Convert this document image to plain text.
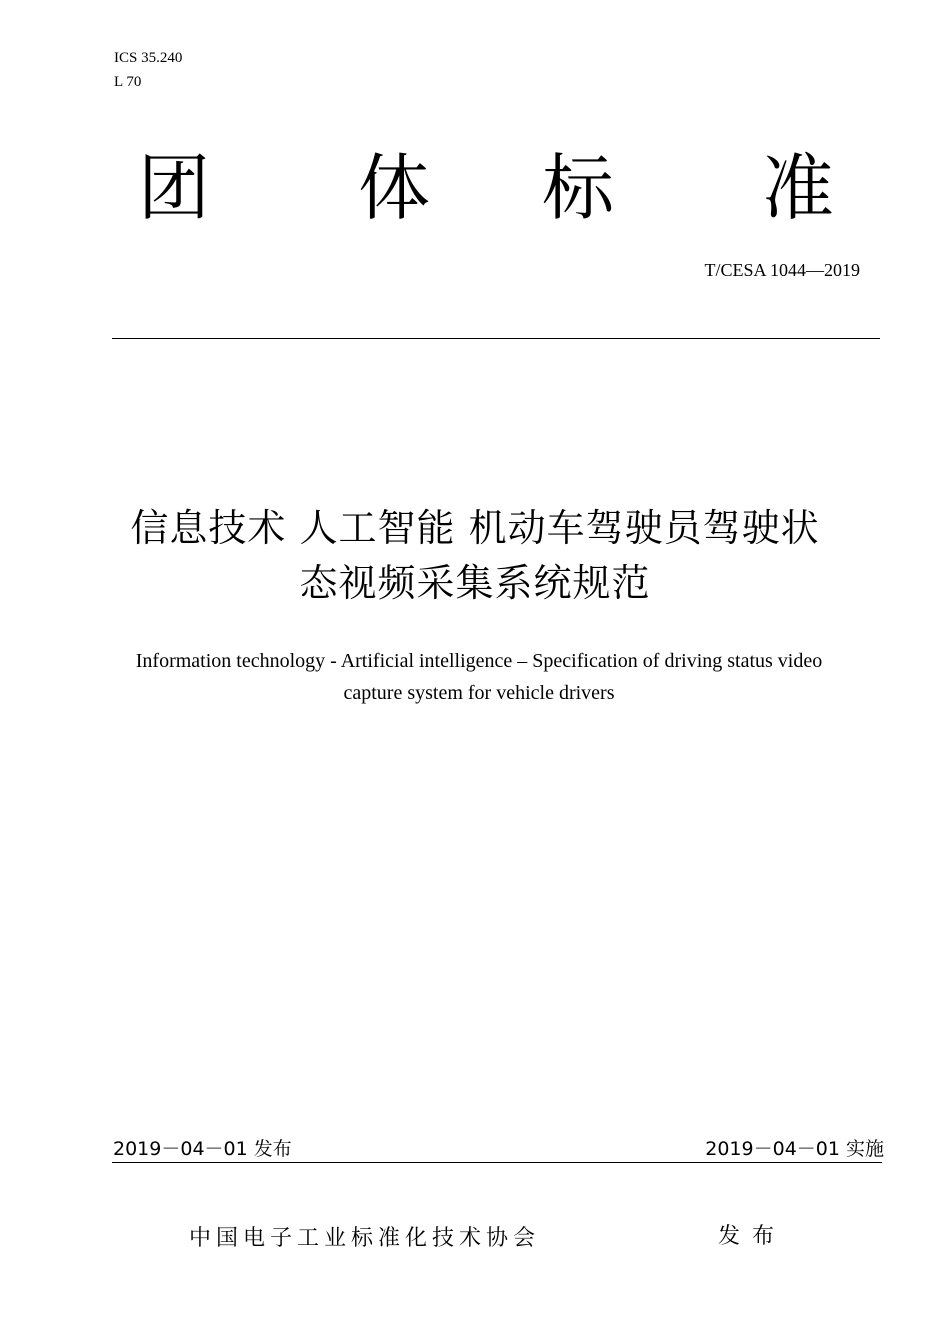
ICS 35.240
L 70
团 体 标 准
T/CESA 1044—2019
信息技术 人工智能 机动车驾驶员驾驶状
态视频采集系统规范
Information technology - Artificial intelligence – Specification of driving status video
capture system for vehicle drivers
2019－04－01 发布	2019－04－01 实施
中国电子工业标准化技术协会	发布
